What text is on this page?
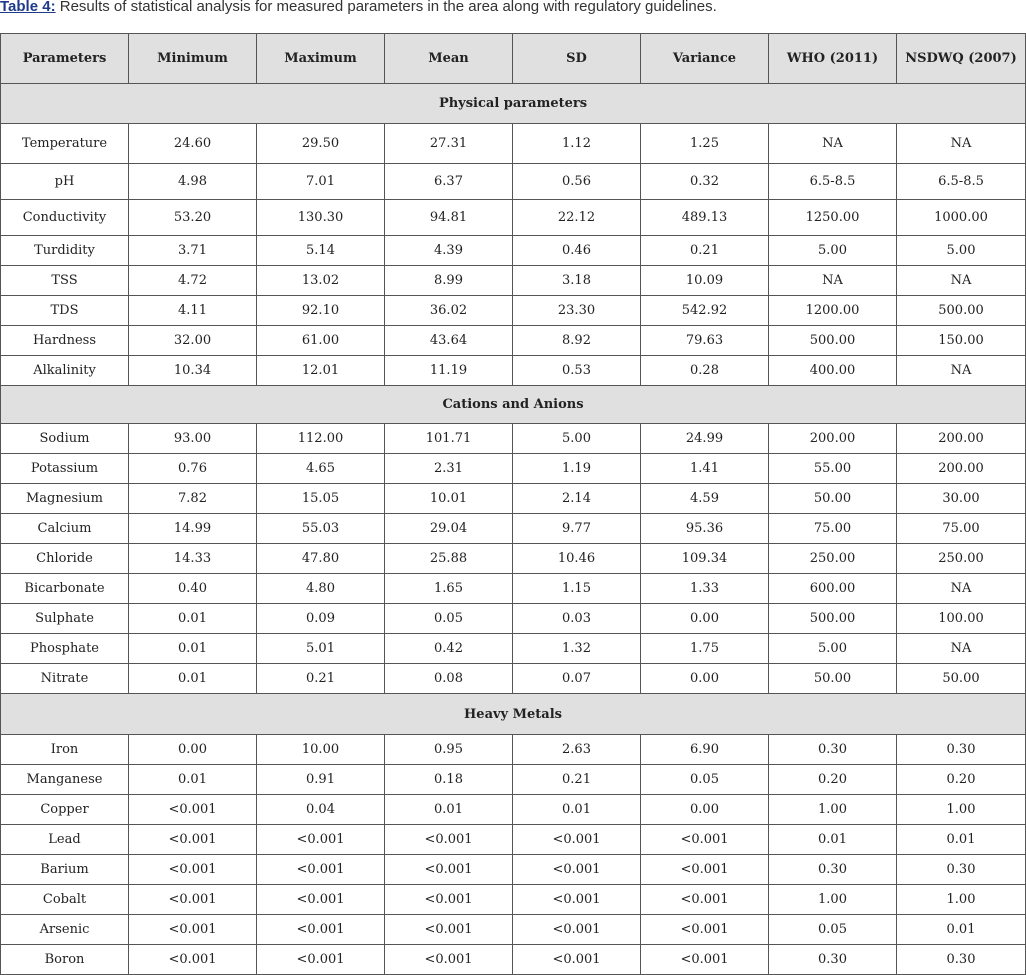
Table 4: Results of statistical analysis for measured parameters in the area along with regulatory guidelines.
Parameters	Minimum	Maximum	Mean	SD	Variance	WHO (2011)	NSDWQ (2007)
Physical parameters							
Temperature	24.60	29.50	27.31	1.12	1.25	NA	NA
pH	4.98	7.01	6.37	0.56	0.32	6.5-8.5	6.5-8.5
Conductivity	53.20	130.30	94.81	22.12	489.13	1250.00	1000.00
Turdidity	3.71	5.14	4.39	0.46	0.21	5.00	5.00
TSS	4.72	13.02	8.99	3.18	10.09	NA	NA
TDS	4.11	92.10	36.02	23.30	542.92	1200.00	500.00
Hardness	32.00	61.00	43.64	8.92	79.63	500.00	150.00
Alkalinity	10.34	12.01	11.19	0.53	0.28	400.00	NA
Cations and Anions							
Sodium	93.00	112.00	101.71	5.00	24.99	200.00	200.00
Potassium	0.76	4.65	2.31	1.19	1.41	55.00	200.00
Magnesium	7.82	15.05	10.01	2.14	4.59	50.00	30.00
Calcium	14.99	55.03	29.04	9.77	95.36	75.00	75.00
Chloride	14.33	47.80	25.88	10.46	109.34	250.00	250.00
Bicarbonate	0.40	4.80	1.65	1.15	1.33	600.00	NA
Sulphate	0.01	0.09	0.05	0.03	0.00	500.00	100.00
Phosphate	0.01	5.01	0.42	1.32	1.75	5.00	NA
Nitrate	0.01	0.21	0.08	0.07	0.00	50.00	50.00
Heavy Metals							
Iron	0.00	10.00	0.95	2.63	6.90	0.30	0.30
Manganese	0.01	0.91	0.18	0.21	0.05	0.20	0.20
Copper	<0.001	0.04	0.01	0.01	0.00	1.00	1.00
Lead	<0.001	<0.001	<0.001	<0.001	<0.001	0.01	0.01
Barium	<0.001	<0.001	<0.001	<0.001	<0.001	0.30	0.30
Cobalt	<0.001	<0.001	<0.001	<0.001	<0.001	1.00	1.00
Arsenic	<0.001	<0.001	<0.001	<0.001	<0.001	0.05	0.01
Boron	<0.001	<0.001	<0.001	<0.001	<0.001	0.30	0.30
